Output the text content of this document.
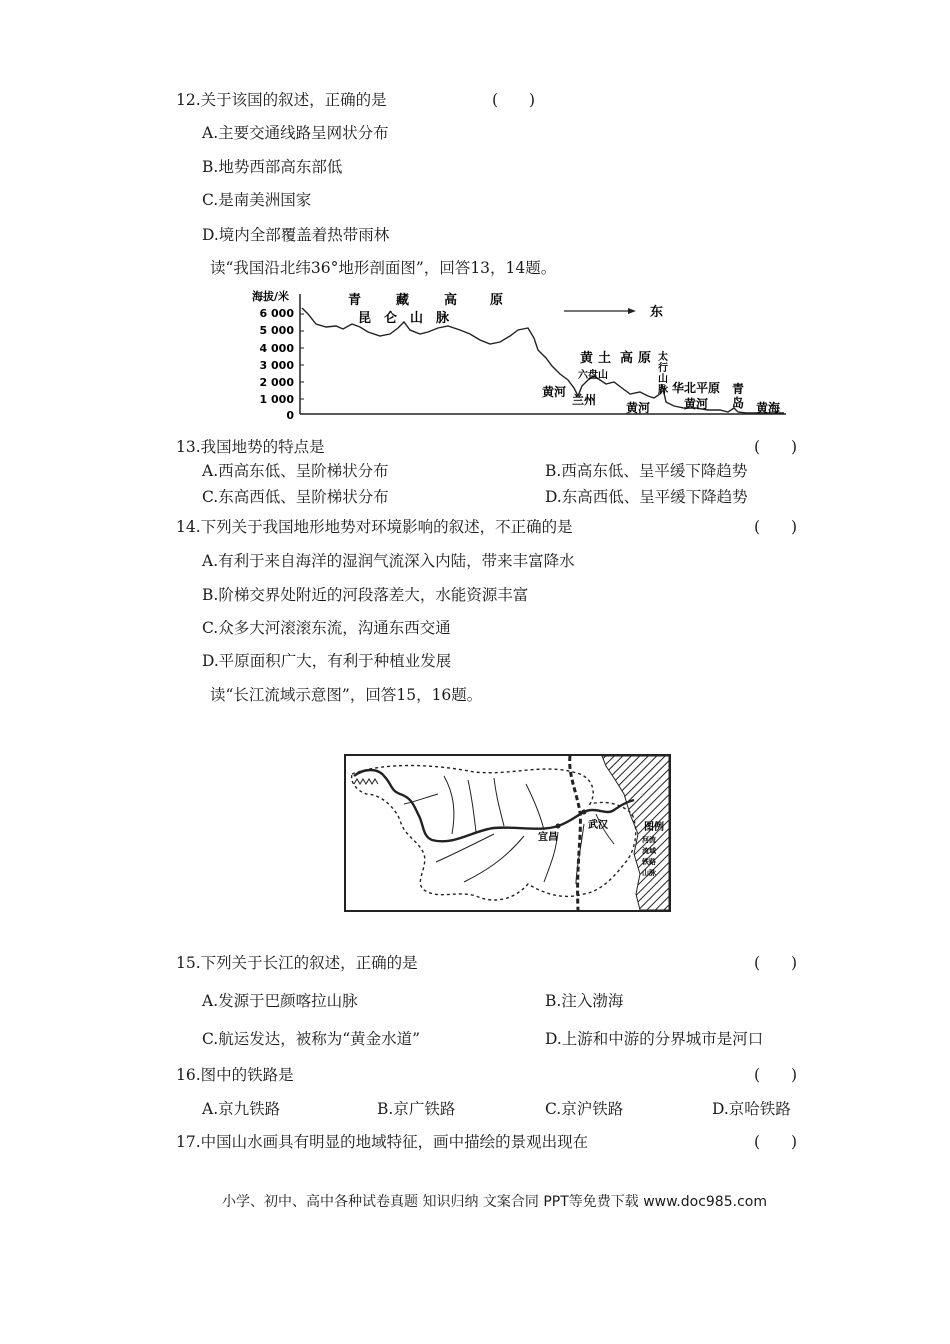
12.关于该国的叙述，正确的是	(　　)
A.主要交通线路呈网状分布
B.地势西部高东部低
C.是南美洲国家
D.境内全部覆盖着热带雨林
读“我国沿北纬36°地形剖面图”，回答13，14题。
海拔/米
6 000
5 000
4 000
3 000
2 000
1 000
0
东
青	藏	高	原
昆 仑 山 脉
黄 土 高 原
六盘山
太
行
山
脉
黄河
兰州
黄河
华北平原
黄河
青
岛 黄海
13.我国地势的特点是	(　　)
A.西高东低、呈阶梯状分布	B.西高东低、呈平缓下降趋势
C.东高西低、呈阶梯状分布	D.东高西低、呈平缓下降趋势
14.下列关于我国地形地势对环境影响的叙述，不正确的是	(　　)
A.有利于来自海洋的湿润气流深入内陆，带来丰富降水
B.阶梯交界处附近的河段落差大，水能资源丰富
C.众多大河滚滚东流，沟通东西交通
D.平原面积广大，有利于种植业发展
读“长江流域示意图”，回答15，16题。
宜昌
武汉	图例
河流
流域
铁路
山脉
15.下列关于长江的叙述，正确的是	(　　)
A.发源于巴颜喀拉山脉	B.注入渤海
C.航运发达，被称为“黄金水道”	D.上游和中游的分界城市是河口
16.图中的铁路是	(　　)
A.京九铁路	B.京广铁路	C.京沪铁路	D.京哈铁路
17.中国山水画具有明显的地域特征，画中描绘的景观出现在	(　　)
小学、初中、高中各种试卷真题 知识归纳 文案合同 PPT等免费下载 www.doc985.com
